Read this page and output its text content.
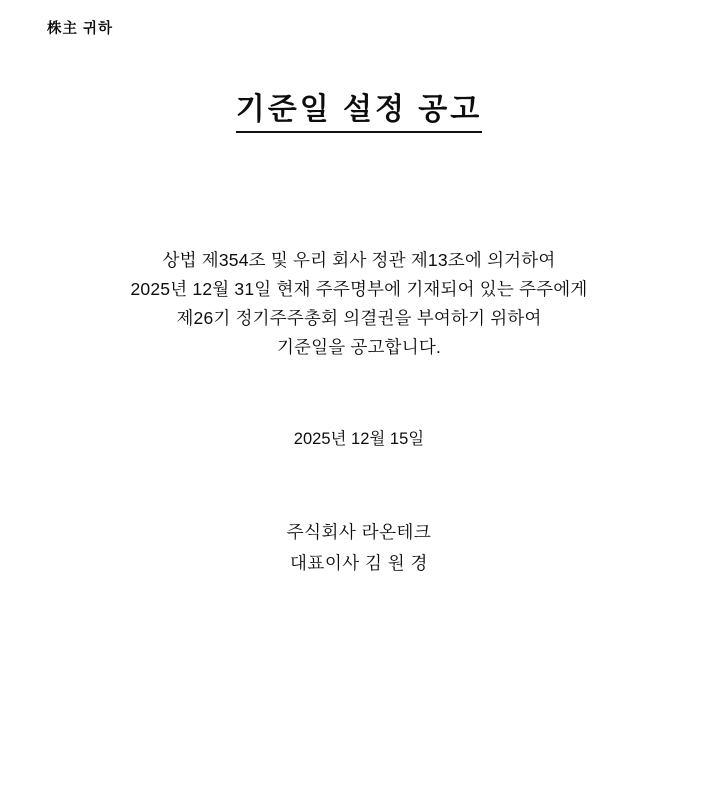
株主 귀하
기준일 설정 공고
상법 제354조 및 우리 회사 정관 제13조에 의거하여
2025년 12월 31일 현재 주주명부에 기재되어 있는 주주에게
제26기 정기주주총회 의결권을 부여하기 위하여
기준일을 공고합니다.
2025년 12월 15일
주식회사 라온테크
대표이사 김 원 경
